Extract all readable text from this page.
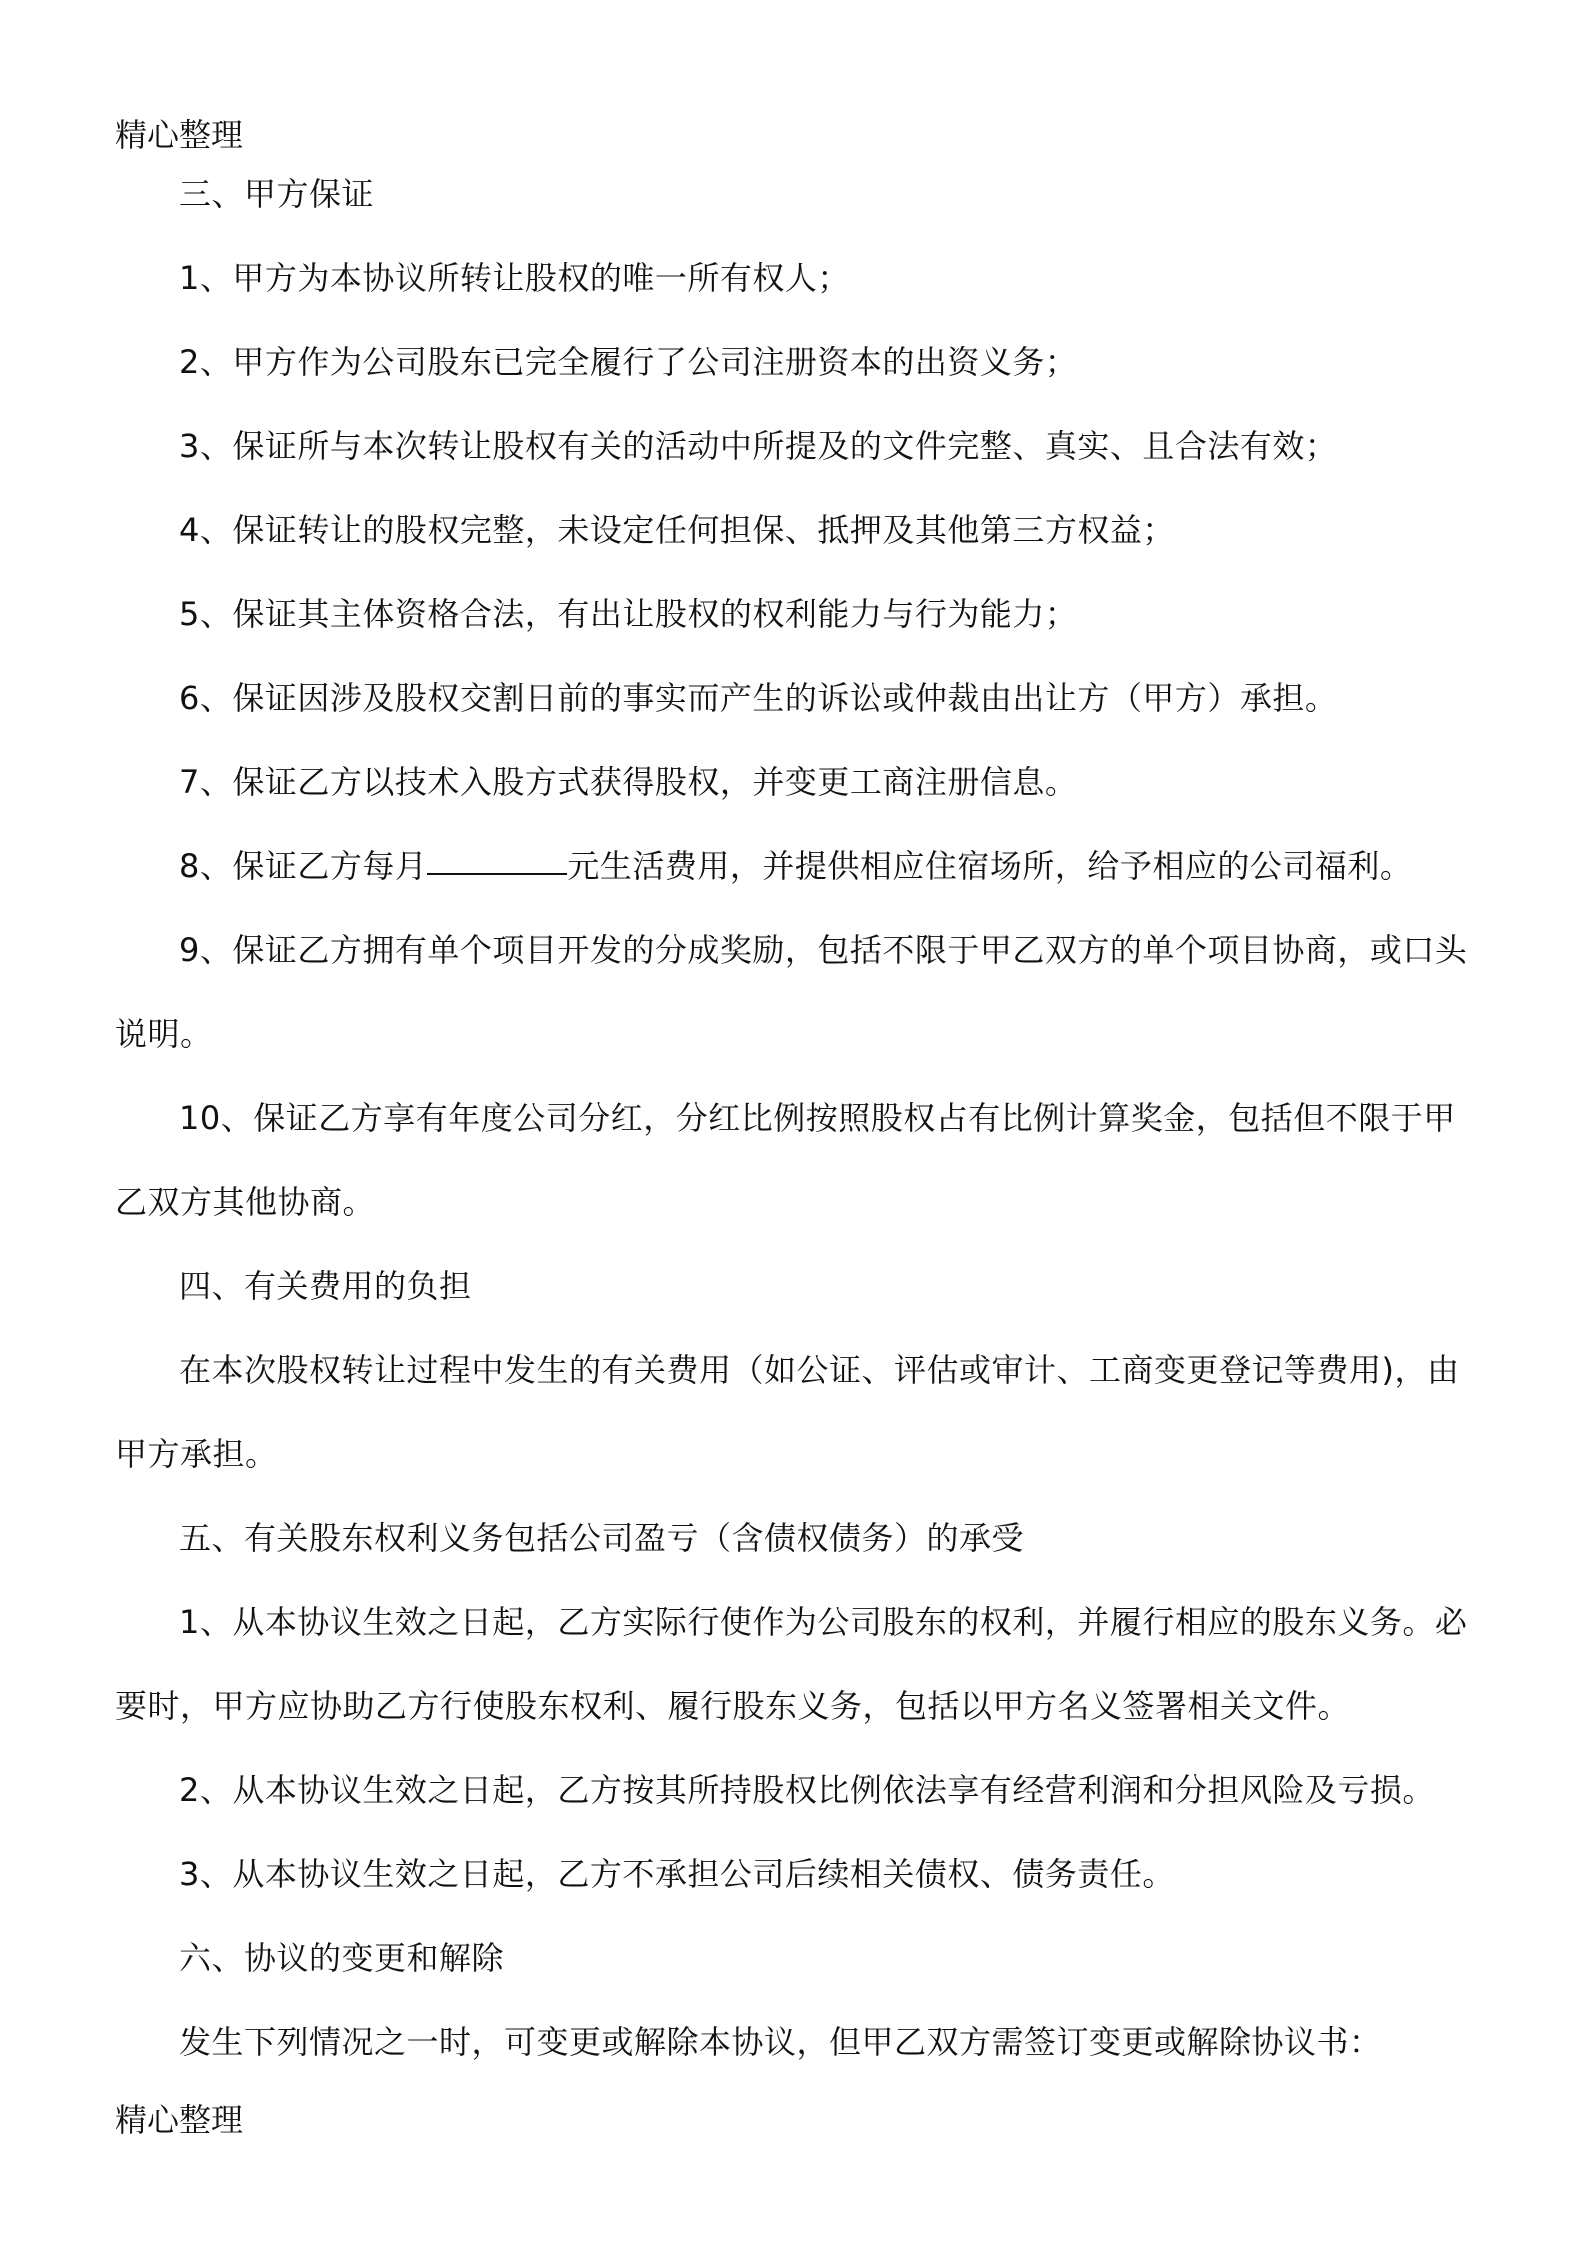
精心整理
三、甲方保证
1、甲方为本协议所转让股权的唯一所有权人；
2、甲方作为公司股东已完全履行了公司注册资本的出资义务；
3、保证所与本次转让股权有关的活动中所提及的文件完整、真实、且合法有效；
4、保证转让的股权完整，未设定任何担保、抵押及其他第三方权益；
5、保证其主体资格合法，有出让股权的权利能力与行为能力；
6、保证因涉及股权交割日前的事实而产生的诉讼或仲裁由出让方（甲方）承担。
7、保证乙方以技术入股方式获得股权，并变更工商注册信息。
8、保证乙方每月	元生活费用，并提供相应住宿场所，给予相应的公司福利。
9、保证乙方拥有单个项目开发的分成奖励，包括不限于甲乙双方的单个项目协商，或口头说明。
10、保证乙方享有年度公司分红，分红比例按照股权占有比例计算奖金，包括但不限于甲乙双方其他协商。
四、有关费用的负担
在本次股权转让过程中发生的有关费用（如公证、评估或审计、工商变更登记等费用)，由甲方承担。
五、有关股东权利义务包括公司盈亏（含债权债务）的承受
1、从本协议生效之日起，乙方实际行使作为公司股东的权利，并履行相应的股东义务。必要时，甲方应协助乙方行使股东权利、履行股东义务，包括以甲方名义签署相关文件。
2、从本协议生效之日起，乙方按其所持股权比例依法享有经营利润和分担风险及亏损。
3、从本协议生效之日起，乙方不承担公司后续相关债权、债务责任。
六、协议的变更和解除
发生下列情况之一时，可变更或解除本协议，但甲乙双方需签订变更或解除协议书：
精心整理
